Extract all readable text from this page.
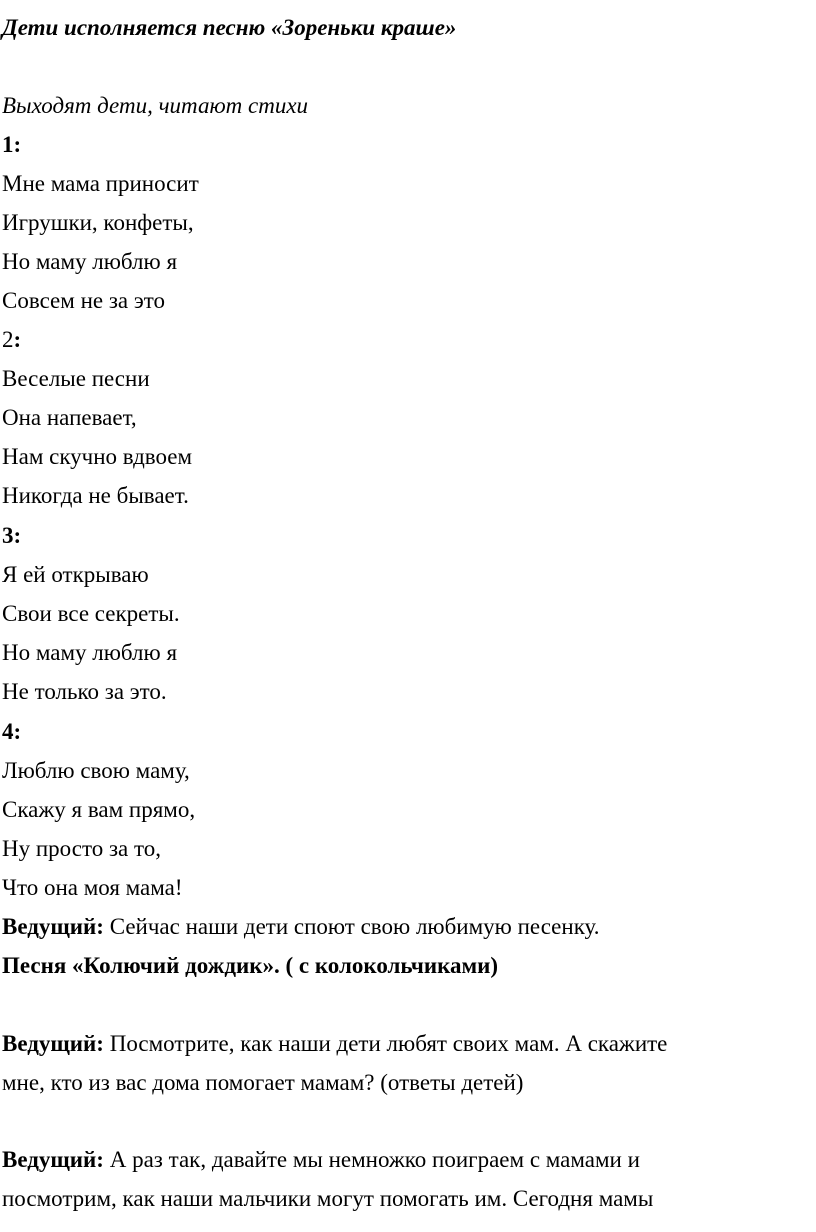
Дети исполняется песню «Зореньки краше»
Выходят дети, читают стихи
1:
Мне мама приносит
Игрушки, конфеты,
Но маму люблю я
Совсем не за это
2:
Веселые песни
Она напевает,
Нам скучно вдвоем
Никогда не бывает.
3:
Я ей открываю
Свои все секреты.
Но маму люблю я
Не только за это.
4:
Люблю свою маму,
Скажу я вам прямо,
Ну просто за то,
Что она моя мама!
Ведущий: Сейчас наши дети споют свою любимую песенку.
Песня «Колючий дождик». ( с колокольчиками)
Ведущий: Посмотрите, как наши дети любят своих мам. А скажите
мне, кто из вас дома помогает мамам? (ответы детей)
Ведущий: А раз так, давайте мы немножко поиграем с мамами и
посмотрим, как наши мальчики могут помогать им. Сегодня мамы
